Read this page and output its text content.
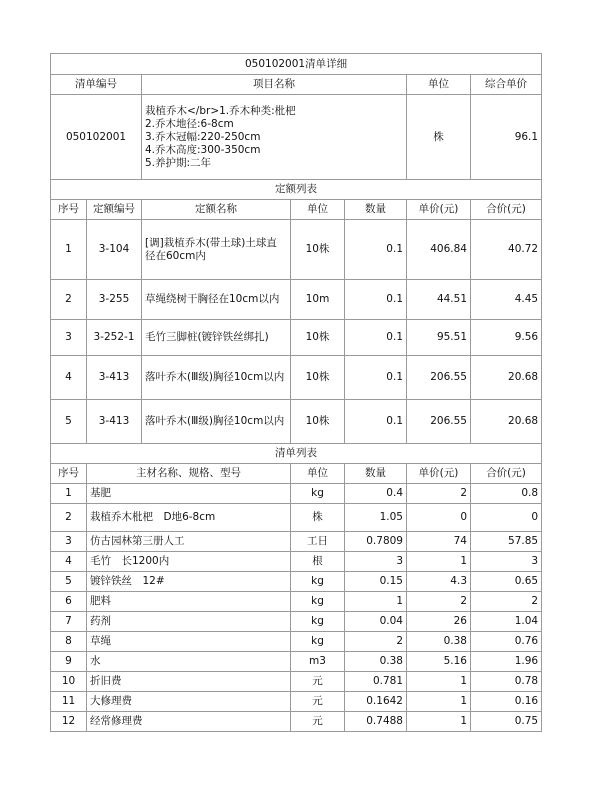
050102001清单详细						
清单编号		项目名称			单位	综合单价
050102001		栽植乔木</br>1.乔木种类:枇杷
2.乔木地径:6-8cm
3.乔木冠幅:220-250cm
4.乔木高度:300-350cm
5.养护期:二年			株	96.1
定额列表						
序号	定额编号	定额名称	单位	数量	单价(元)	合价(元)
1	3-104	[调]栽植乔木(带土球)土球直径在60cm内	10株	0.1	406.84	40.72
2	3-255	草绳绕树干胸径在10cm以内	10m	0.1	44.51	4.45
3	3-252-1	毛竹三脚桩(镀锌铁丝绑扎)	10株	0.1	95.51	9.56
4	3-413	落叶乔木(Ⅲ级)胸径10cm以内	10株	0.1	206.55	20.68
5	3-413	落叶乔木(Ⅲ级)胸径10cm以内	10株	0.1	206.55	20.68
清单列表						
序号	主材名称、规格、型号		单位	数量	单价(元)	合价(元)
1	基肥		kg	0.4	2	0.8
2	栽植乔木枇杷　D地6-8cm		株	1.05	0	0
3	仿古园林第三册人工		工日	0.7809	74	57.85
4	毛竹　长1200内		根	3	1	3
5	镀锌铁丝　12#		kg	0.15	4.3	0.65
6	肥料		kg	1	2	2
7	药剂		kg	0.04	26	1.04
8	草绳		kg	2	0.38	0.76
9	水		m3	0.38	5.16	1.96
10	折旧费		元	0.781	1	0.78
11	大修理费		元	0.1642	1	0.16
12	经常修理费		元	0.7488	1	0.75
